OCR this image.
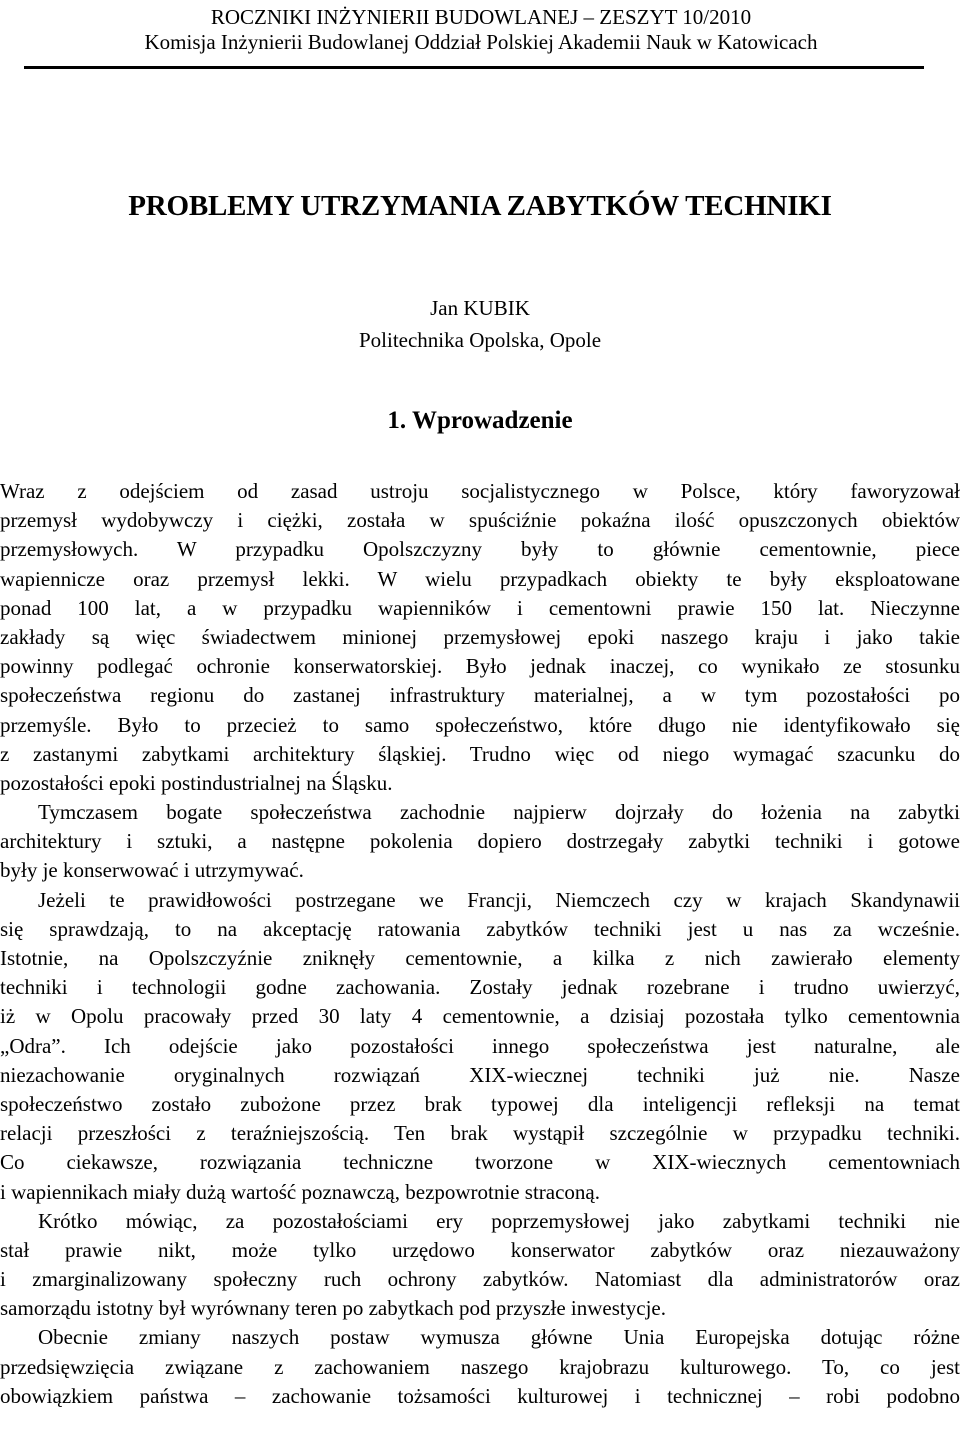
ROCZNIKI INŻYNIERII BUDOWLANEJ – ZESZYT 10/2010
Komisja Inżynierii Budowlanej Oddział Polskiej Akademii Nauk w Katowicach
PROBLEMY UTRZYMANIA ZABYTKÓW TECHNIKI
Jan KUBIK
Politechnika Opolska, Opole
1. Wprowadzenie
Wraz z odejściem od zasad ustroju socjalistycznego w Polsce, który faworyzował
przemysł wydobywczy i ciężki, została w spuściźnie pokaźna ilość opuszczonych obiektów
przemysłowych. W przypadku Opolszczyzny były to głównie cementownie, piece
wapiennicze oraz przemysł lekki. W wielu przypadkach obiekty te były eksploatowane
ponad 100 lat, a w przypadku wapienników i cementowni prawie 150 lat. Nieczynne
zakłady są więc świadectwem minionej przemysłowej epoki naszego kraju i jako takie
powinny podlegać ochronie konserwatorskiej. Było jednak inaczej, co wynikało ze stosunku
społeczeństwa regionu do zastanej infrastruktury materialnej, a w tym pozostałości po
przemyśle. Było to przecież to samo społeczeństwo, które długo nie identyfikowało się
z zastanymi zabytkami architektury śląskiej. Trudno więc od niego wymagać szacunku do
pozostałości epoki postindustrialnej na Śląsku.
Tymczasem bogate społeczeństwa zachodnie najpierw dojrzały do łożenia na zabytki
architektury i sztuki, a następne pokolenia dopiero dostrzegały zabytki techniki i gotowe
były je konserwować i utrzymywać.
Jeżeli te prawidłowości postrzegane we Francji, Niemczech czy w krajach Skandynawii
się sprawdzają, to na akceptację ratowania zabytków techniki jest u nas za wcześnie.
Istotnie, na Opolszczyźnie zniknęły cementownie, a kilka z nich zawierało elementy
techniki i technologii godne zachowania. Zostały jednak rozebrane i trudno uwierzyć,
iż w Opolu pracowały przed 30 laty 4 cementownie, a dzisiaj pozostała tylko cementownia
„Odra”. Ich odejście jako pozostałości innego społeczeństwa jest naturalne, ale
niezachowanie oryginalnych rozwiązań XIX-wiecznej techniki już nie. Nasze
społeczeństwo zostało zubożone przez brak typowej dla inteligencji refleksji na temat
relacji przeszłości z teraźniejszością. Ten brak wystąpił szczególnie w przypadku techniki.
Co ciekawsze, rozwiązania techniczne tworzone w XIX-wiecznych cementowniach
i wapiennikach miały dużą wartość poznawczą, bezpowrotnie straconą.
Krótko mówiąc, za pozostałościami ery poprzemysłowej jako zabytkami techniki nie
stał prawie nikt, może tylko urzędowo konserwator zabytków oraz niezauważony
i zmarginalizowany społeczny ruch ochrony zabytków. Natomiast dla administratorów oraz
samorządu istotny był wyrównany teren po zabytkach pod przyszłe inwestycje.
Obecnie zmiany naszych postaw wymusza główne Unia Europejska dotując różne
przedsięwzięcia związane z zachowaniem naszego krajobrazu kulturowego. To, co jest
obowiązkiem państwa – zachowanie tożsamości kulturowej i technicznej – robi podobno
